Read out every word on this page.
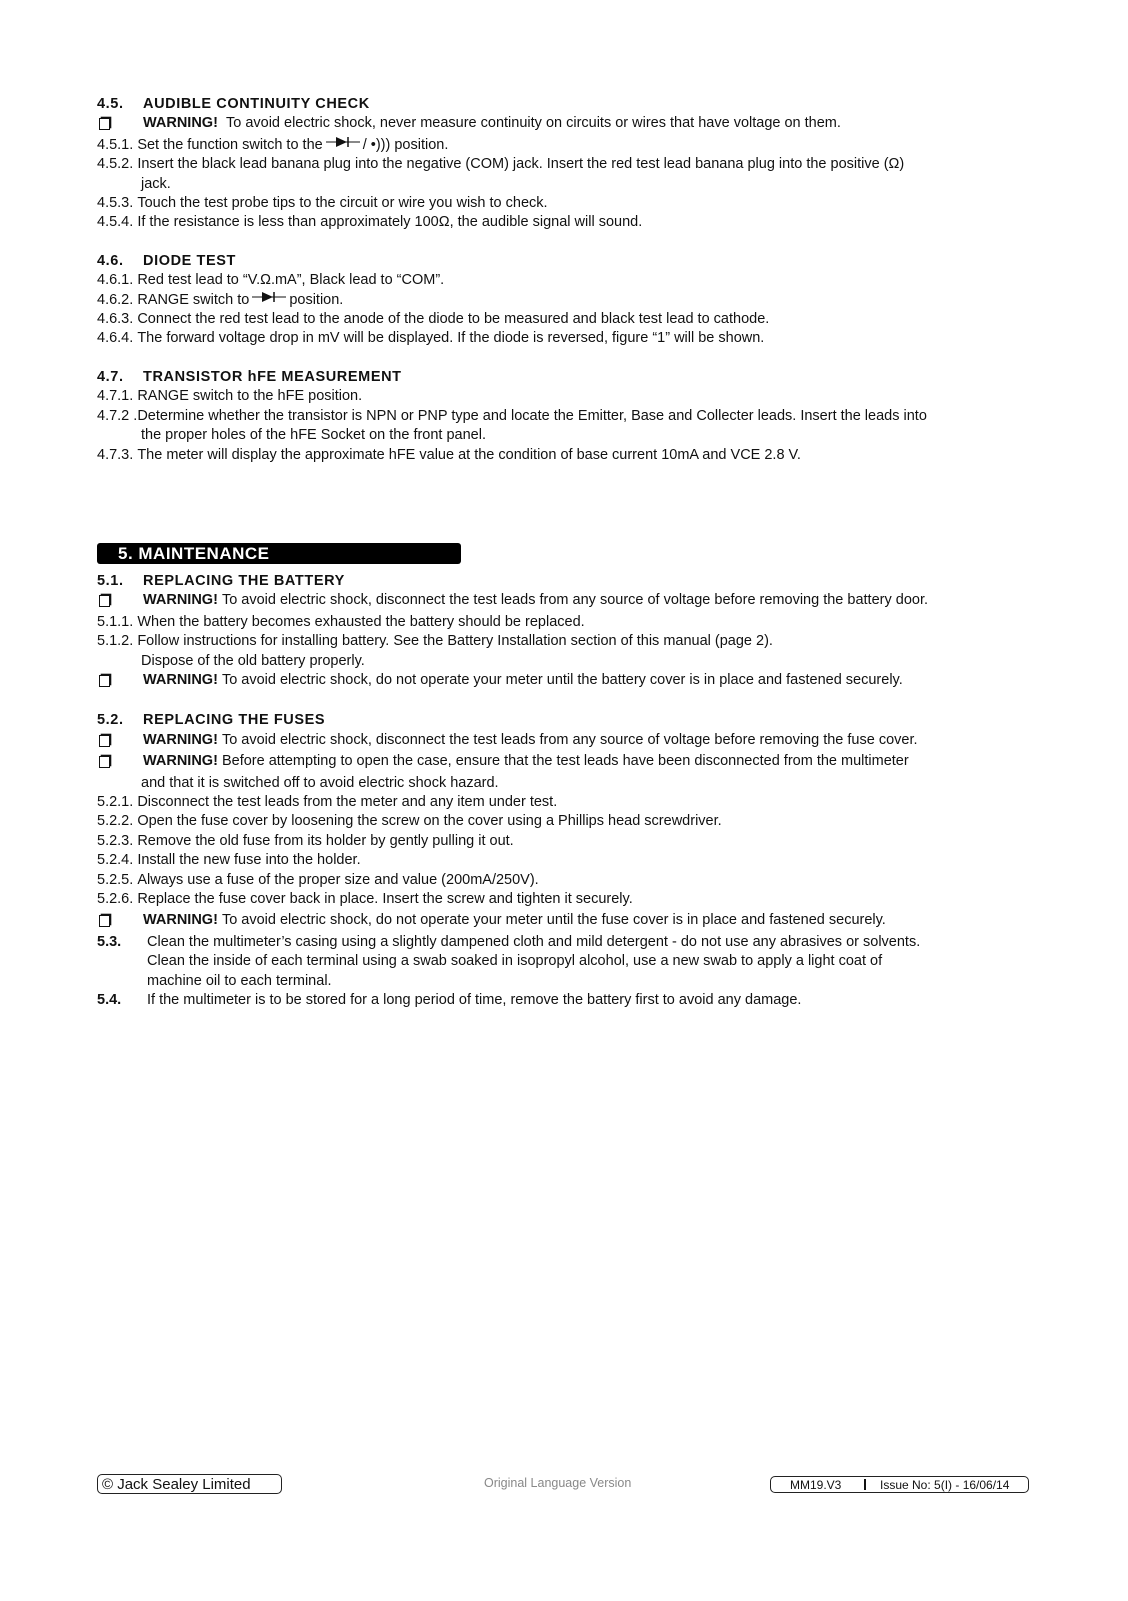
4.5.	AUDIBLE CONTINUITY CHECK
WARNING!
To avoid electric shock, never measure continuity on circuits or wires that have voltage on them.
4.5.1.
Set the function switch to the	/ •))) position.
4.5.2.
Insert the black lead banana plug into the negative (COM) jack. Insert the red test lead banana plug into the positive (Ω)
jack.
4.5.3.
Touch the test probe tips to the circuit or wire you wish to check.
4.5.4.
If the resistance is less than approximately 100Ω, the audible signal will sound.
4.6.	DIODE TEST
4.6.1.
Red test lead to “V.Ω.mA”, Black lead to “COM”.
4.6.2.
RANGE switch to	position.
4.6.3.
Connect the red test lead to the anode of the diode to be measured and black test lead to cathode.
4.6.4.
The forward voltage drop in mV will be displayed. If the diode is reversed, figure “1” will be shown.
4.7.	TRANSISTOR hFE MEASUREMENT
4.7.1.
RANGE switch to the hFE position.
4.7.2 . Determine whether the transistor is NPN or PNP type and locate the Emitter, Base and Collecter leads. Insert the leads into
the proper holes of the hFE Socket on the front panel.
4.7.3.
The meter will display the approximate hFE value at the condition of base current 10mA and VCE 2.8 V.
5. MAINTENANCE
5.1.	REPLACING THE BATTERY
WARNING!
To avoid electric shock, disconnect the test leads from any source of voltage before removing the battery door.
5.1.1.
When the battery becomes exhausted the battery should be replaced.
5.1.2.
Follow instructions for installing battery. See the Battery Installation section of this manual (page 2).
Dispose of the old battery properly.
WARNING!
To avoid electric shock, do not operate your meter until the battery cover is in place and fastened securely.
5.2.	REPLACING THE FUSES
WARNING!
To avoid electric shock, disconnect the test leads from any source of voltage before removing the fuse cover.
WARNING!
Before attempting to open the case, ensure that the test leads have been disconnected from the multimeter
and that it is switched off to avoid electric shock hazard.
5.2.1.
Disconnect the test leads from the meter and any item under test.
5.2.2.
Open the fuse cover by loosening the screw on the cover using a Phillips head screwdriver.
5.2.3.
Remove the old fuse from its holder by gently pulling it out.
5.2.4.
Install the new fuse into the holder.
5.2.5.
Always use a fuse of the proper size and value (200mA/250V).
5.2.6.
Replace the fuse cover back in place. Insert the screw and tighten it securely.
WARNING!
To avoid electric shock, do not operate your meter until the fuse cover is in place and fastened securely.
5.3.	Clean the multimeter’s casing using a slightly dampened cloth and mild detergent - do not use any abrasives or solvents.
Clean the inside of each terminal using a swab soaked in isopropyl alcohol, use a new swab to apply a light coat of
machine oil to each terminal.
5.4.	If the multimeter is to be stored for a long period of time, remove the battery first to avoid any damage.
© Jack Sealey Limited	Original Language Version	MM19.V3	Issue No: 5(I) - 16/06/14
